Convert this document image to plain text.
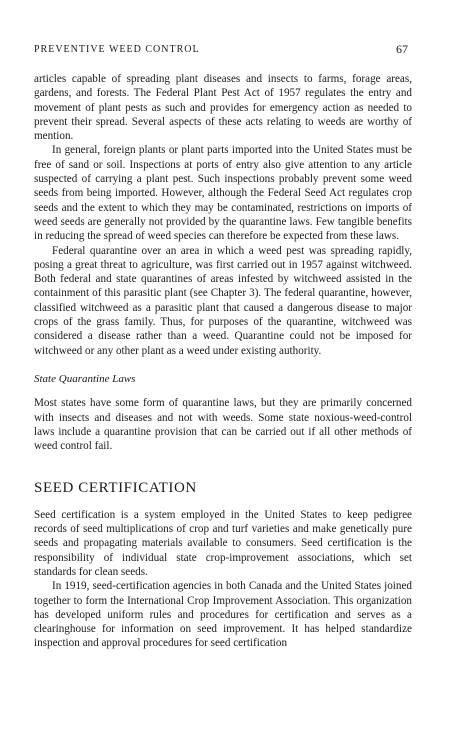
PREVENTIVE WEED CONTROL	67

articles capable of spreading plant diseases and insects to farms, forage areas, gardens, and forests. The Federal Plant Pest Act of 1957 regulates the entry and movement of plant pests as such and provides for emergency action as needed to prevent their spread. Several aspects of these acts relating to weeds are worthy of mention.

In general, foreign plants or plant parts imported into the United States must be free of sand or soil. Inspections at ports of entry also give attention to any article suspected of carrying a plant pest. Such inspections probably prevent some weed seeds from being imported. However, although the Federal Seed Act regulates crop seeds and the extent to which they may be contaminated, restrictions on imports of weed seeds are generally not provided by the quarantine laws. Few tangible benefits in reducing the spread of weed species can therefore be expected from these laws.

Federal quarantine over an area in which a weed pest was spreading rapidly, posing a great threat to agriculture, was first carried out in 1957 against witchweed. Both federal and state quarantines of areas infested by witchweed assisted in the containment of this parasitic plant (see Chapter 3). The federal quarantine, however, classified witchweed as a parasitic plant that caused a dangerous disease to major crops of the grass family. Thus, for purposes of the quarantine, witchweed was considered a disease rather than a weed. Quarantine could not be imposed for witchweed or any other plant as a weed under existing authority.

State Quarantine Laws

Most states have some form of quarantine laws, but they are primarily concerned with insects and diseases and not with weeds. Some state noxious-weed-control laws include a quarantine provision that can be carried out if all other methods of weed control fail.

SEED CERTIFICATION

Seed certification is a system employed in the United States to keep pedigree records of seed multiplications of crop and turf varieties and make genetically pure seeds and propagating materials available to consumers. Seed certification is the responsibility of individual state crop-improvement associations, which set standards for clean seeds.

In 1919, seed-certification agencies in both Canada and the United States joined together to form the International Crop Improvement Association. This organization has developed uniform rules and procedures for certification and serves as a clearinghouse for information on seed improvement. It has helped standardize inspection and approval procedures for seed certification
